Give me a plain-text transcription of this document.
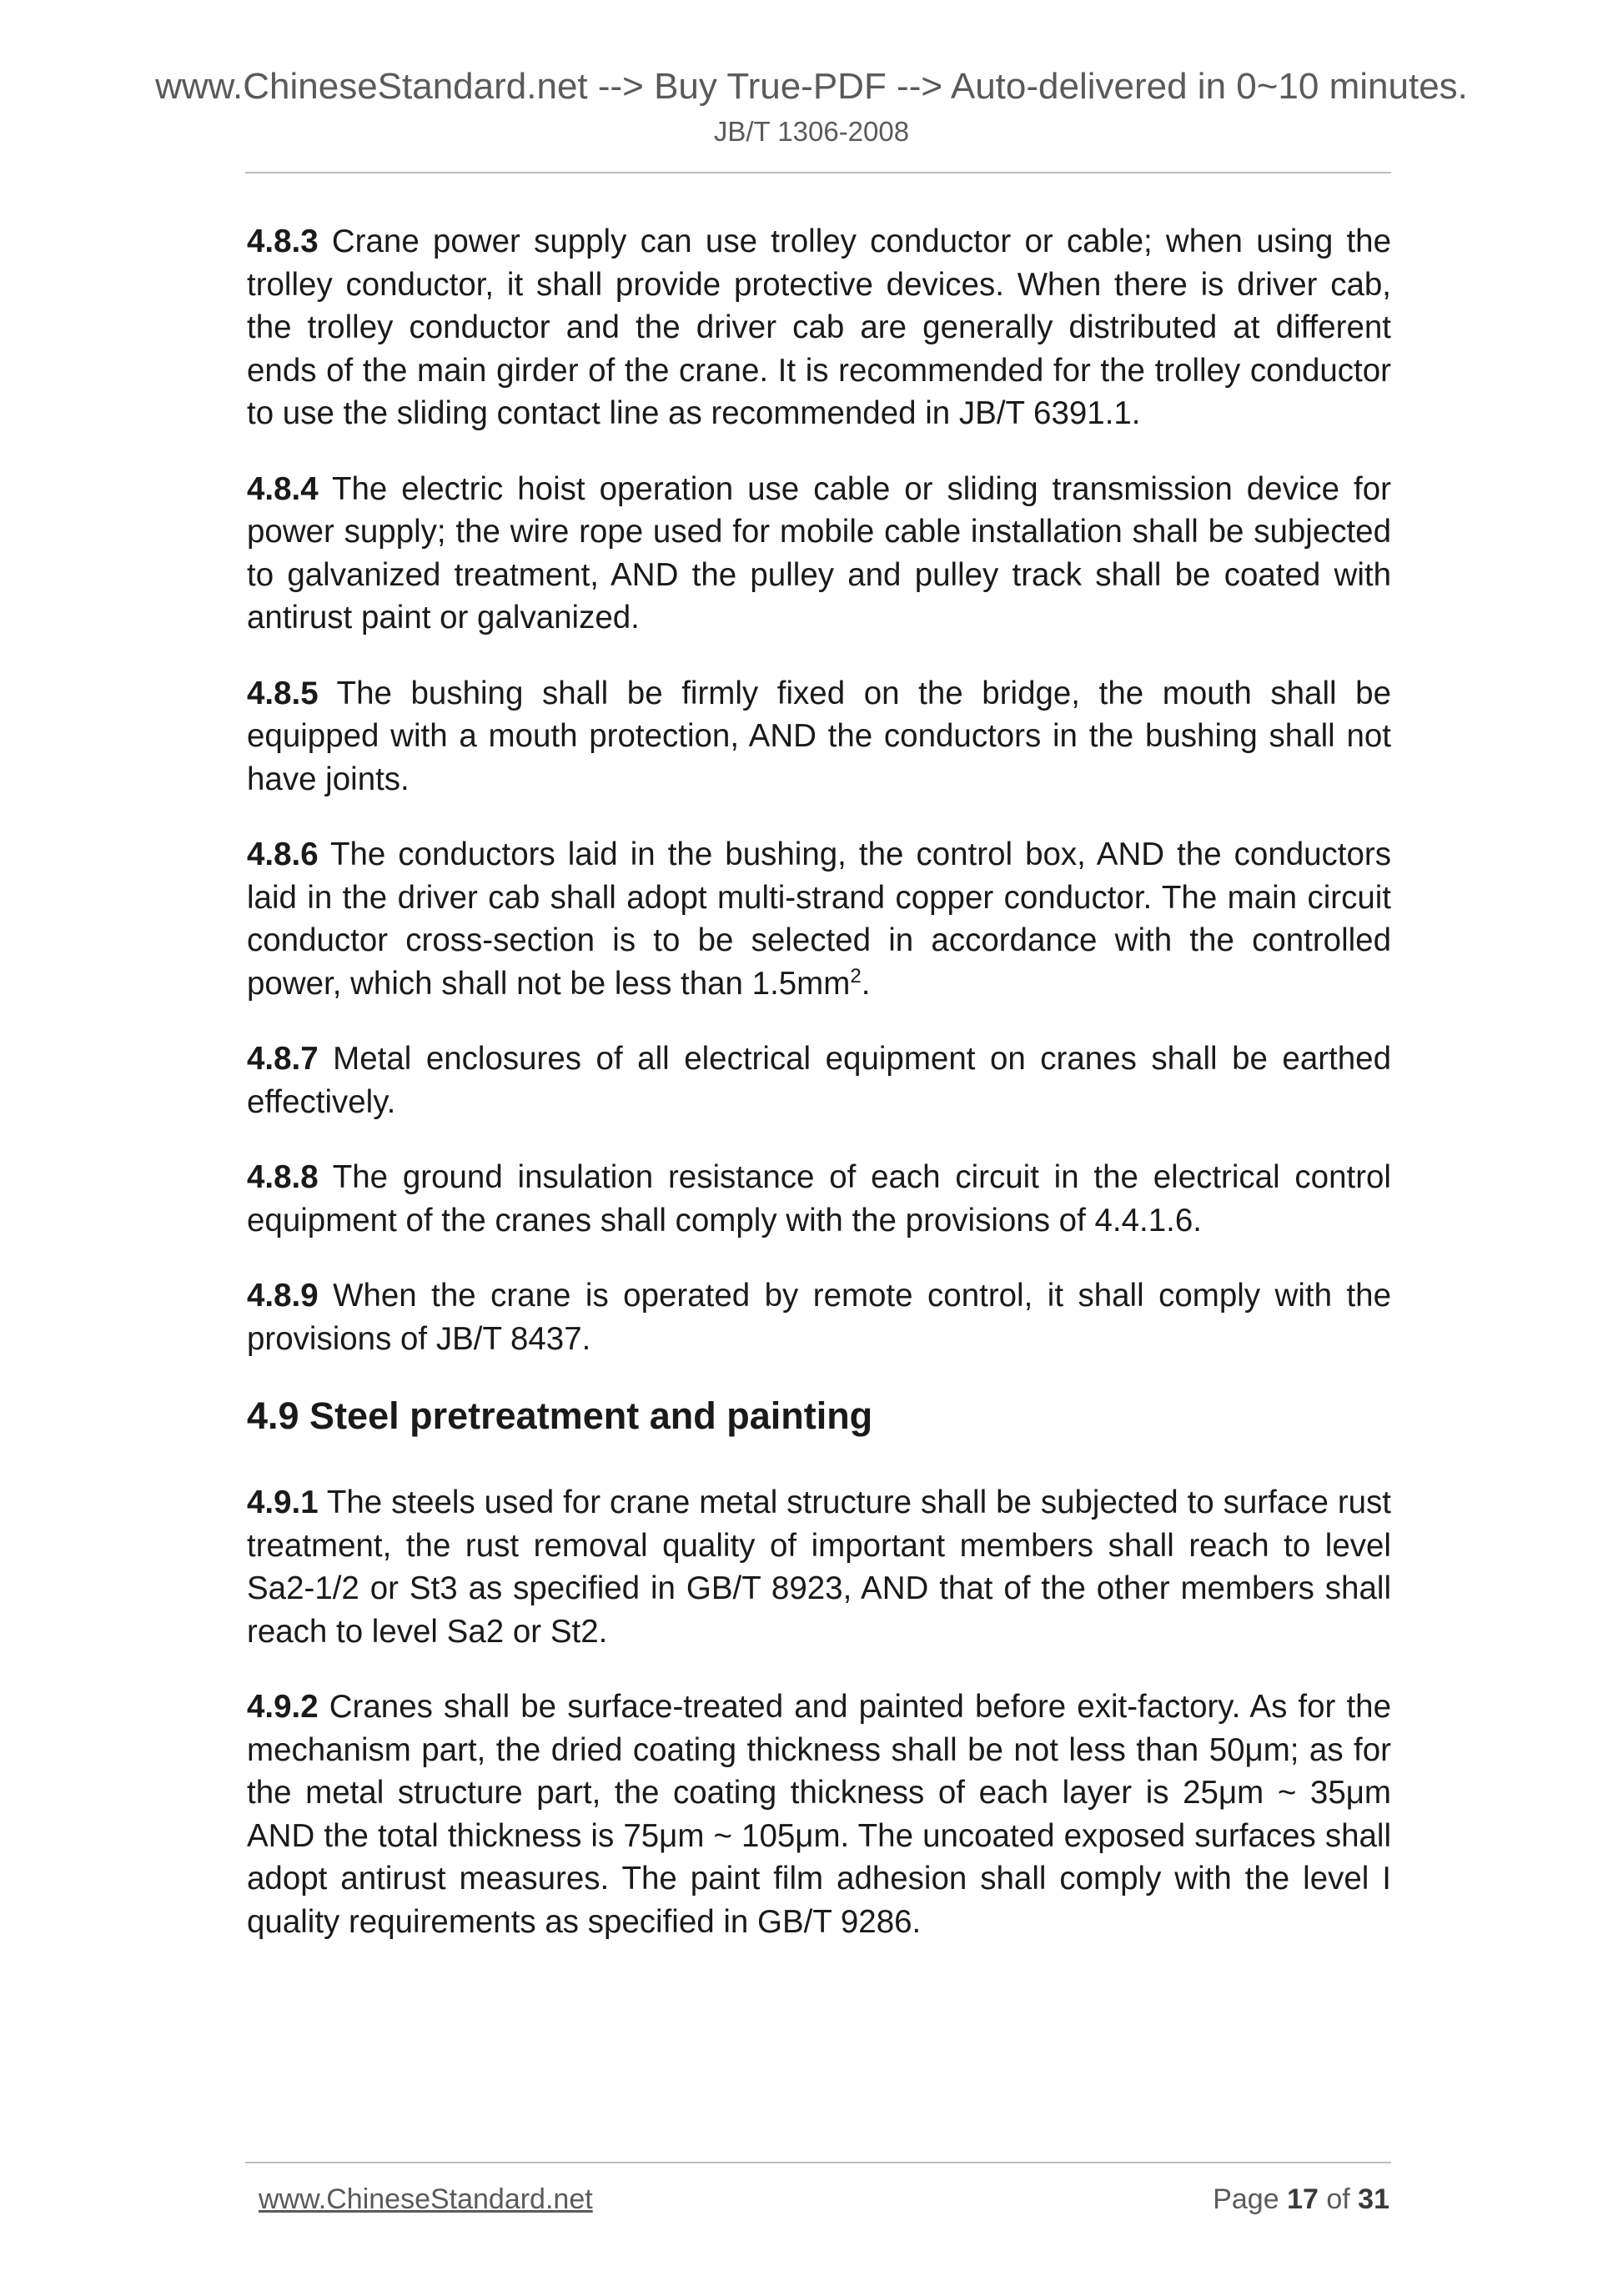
www.ChineseStandard.net --> Buy True-PDF --> Auto-delivered in 0~10 minutes.
JB/T 1306-2008

4.8.3 Crane power supply can use trolley conductor or cable; when using the trolley conductor, it shall provide protective devices. When there is driver cab, the trolley conductor and the driver cab are generally distributed at different ends of the main girder of the crane. It is recommended for the trolley conductor to use the sliding contact line as recommended in JB/T 6391.1.

4.8.4 The electric hoist operation use cable or sliding transmission device for power supply; the wire rope used for mobile cable installation shall be subjected to galvanized treatment, AND the pulley and pulley track shall be coated with antirust paint or galvanized.

4.8.5 The bushing shall be firmly fixed on the bridge, the mouth shall be equipped with a mouth protection, AND the conductors in the bushing shall not have joints.

4.8.6 The conductors laid in the bushing, the control box, AND the conductors laid in the driver cab shall adopt multi-strand copper conductor. The main circuit conductor cross-section is to be selected in accordance with the controlled power, which shall not be less than $1.5mm^2$.

4.8.7 Metal enclosures of all electrical equipment on cranes shall be earthed effectively.

4.8.8 The ground insulation resistance of each circuit in the electrical control equipment of the cranes shall comply with the provisions of 4.4.1.6.

4.8.9 When the crane is operated by remote control, it shall comply with the provisions of JB/T 8437.

4.9 Steel pretreatment and painting

4.9.1 The steels used for crane metal structure shall be subjected to surface rust treatment, the rust removal quality of important members shall reach to level Sa2-1/2 or St3 as specified in GB/T 8923, AND that of the other members shall reach to level Sa2 or St2.

4.9.2 Cranes shall be surface-treated and painted before exit-factory. As for the mechanism part, the dried coating thickness shall be not less than 50μm; as for the metal structure part, the coating thickness of each layer is 25μm ~ 35μm AND the total thickness is 75μm ~ 105μm. The uncoated exposed surfaces shall adopt antirust measures. The paint film adhesion shall comply with the level I quality requirements as specified in GB/T 9286.

www.ChineseStandard.net	Page 17 of 31
